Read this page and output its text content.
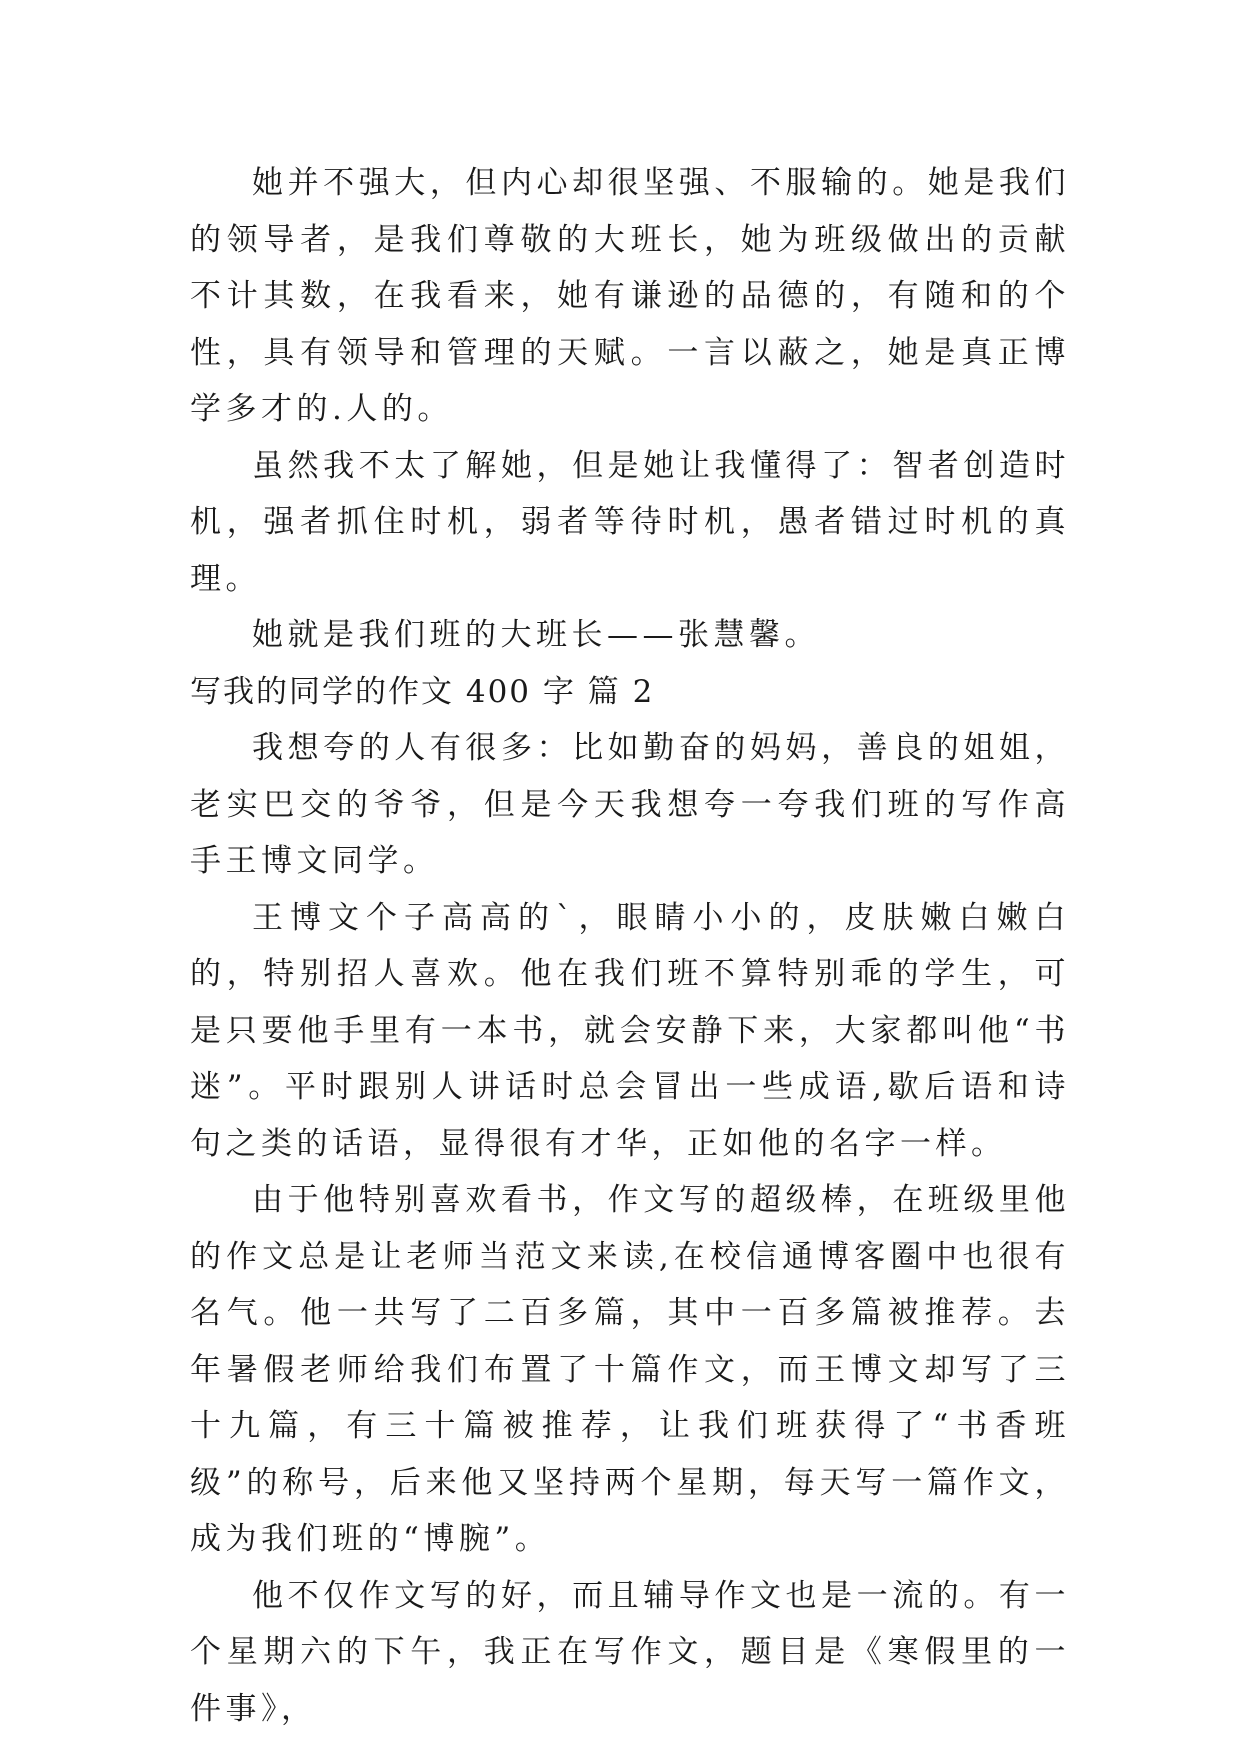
她并不强大，但内心却很坚强、不服输的。她是我们的领导者，是我们尊敬的大班长，她为班级做出的贡献不计其数，在我看来，她有谦逊的品德的，有随和的个性，具有领导和管理的天赋。一言以蔽之，她是真正博学多才的.人的。

虽然我不太了解她，但是她让我懂得了：智者创造时机，强者抓住时机，弱者等待时机，愚者错过时机的真理。

她就是我们班的大班长——张慧馨。

写我的同学的作文 400 字 篇 2

我想夸的人有很多：比如勤奋的妈妈，善良的姐姐，老实巴交的爷爷，但是今天我想夸一夸我们班的写作高手王博文同学。

王博文个子高高的`，眼睛小小的，皮肤嫩白嫩白的，特别招人喜欢。他在我们班不算特别乖的学生，可是只要他手里有一本书，就会安静下来，大家都叫他“书迷”。平时跟别人讲话时总会冒出一些成语,歇后语和诗句之类的话语，显得很有才华，正如他的名字一样。

由于他特别喜欢看书，作文写的超级棒，在班级里他的作文总是让老师当范文来读,在校信通博客圈中也很有名气。他一共写了二百多篇，其中一百多篇被推荐。去年暑假老师给我们布置了十篇作文，而王博文却写了三十九篇，有三十篇被推荐，让我们班获得了“书香班级”的称号，后来他又坚持两个星期，每天写一篇作文，成为我们班的“博腕”。

他不仅作文写的好，而且辅导作文也是一流的。有一个星期六的下午，我正在写作文，题目是《寒假里的一件事》，
